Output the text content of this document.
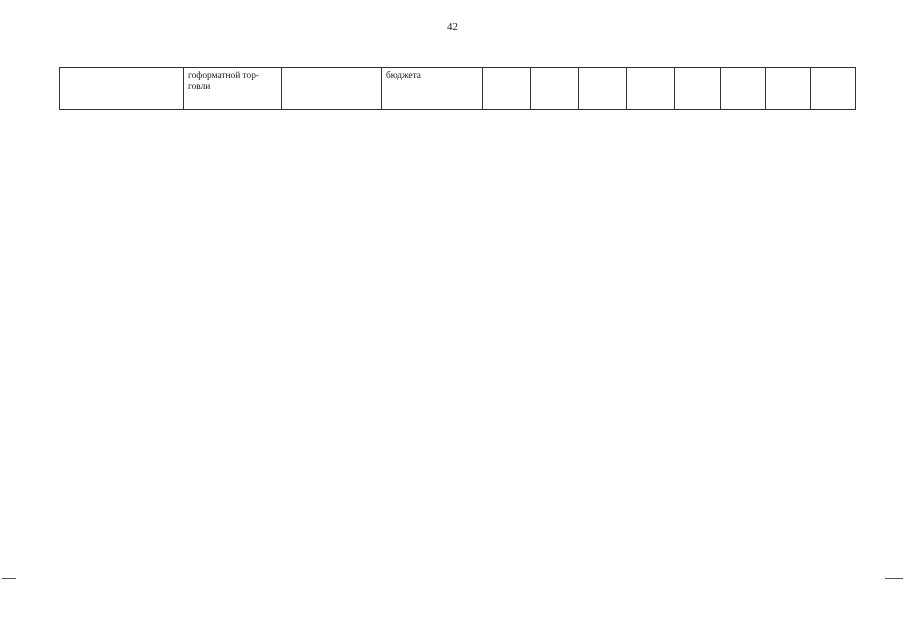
42
	гоформатной тор-
говли		бюджета								
